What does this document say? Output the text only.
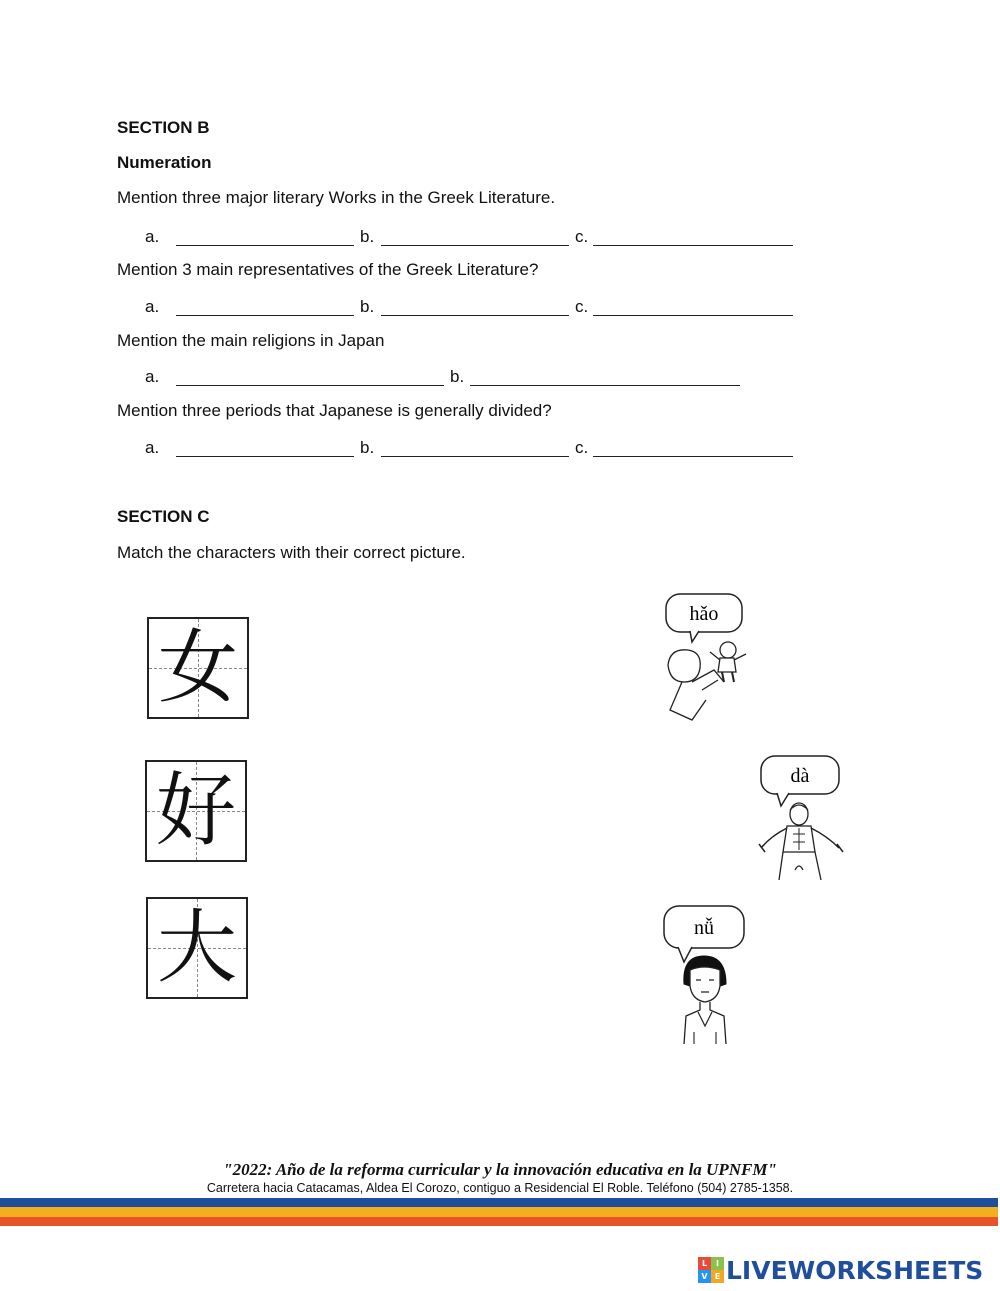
SECTION B
Numeration
Mention three major literary Works in the Greek Literature.
a.	b.	c.
Mention 3 main representatives of the Greek Literature?
a.	b.	c.
Mention the main religions in Japan
a.	b.
Mention three periods that Japanese is generally divided?
a.	b.	c.
SECTION C
Match the characters with their correct picture.
女
好
大
hǎo
dà
nǚ
"2022: Año de la reforma curricular y la innovación educativa en la UPNFM"
Carretera hacia Catacamas, Aldea El Corozo, contiguo a Residencial El Roble. Teléfono (504) 2785-1358.
L	I
V E LIVEWORKSHEETS
